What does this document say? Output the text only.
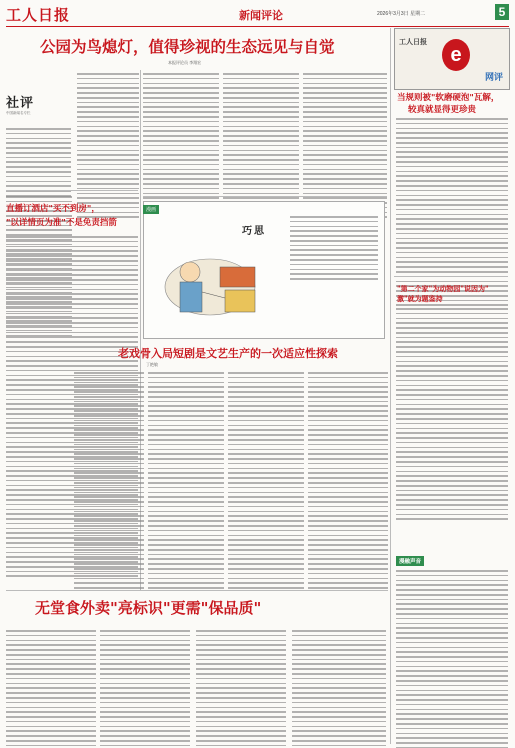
工人日报	新闻评论	2026年3月3日 星期二	5
公园为鸟熄灯，值得珍视的生态远见与自觉
本报评论员 李翔宏
社评
中国新闻名专栏
直播订酒店"买不到房"，
"以详情页为准"不是免责挡箭
漫画
巧思
老戏骨入局短剧是文艺生产的一次适应性探索
丁艳敏
无堂食外卖"亮标识"更需"保品质"
工人日报
e
网评
当规则被"软磨硬泡"瓦解，
较真就显得更珍贵
"第二个家"为动物园"说因为"
激"就为题鉴持
漫融声音
